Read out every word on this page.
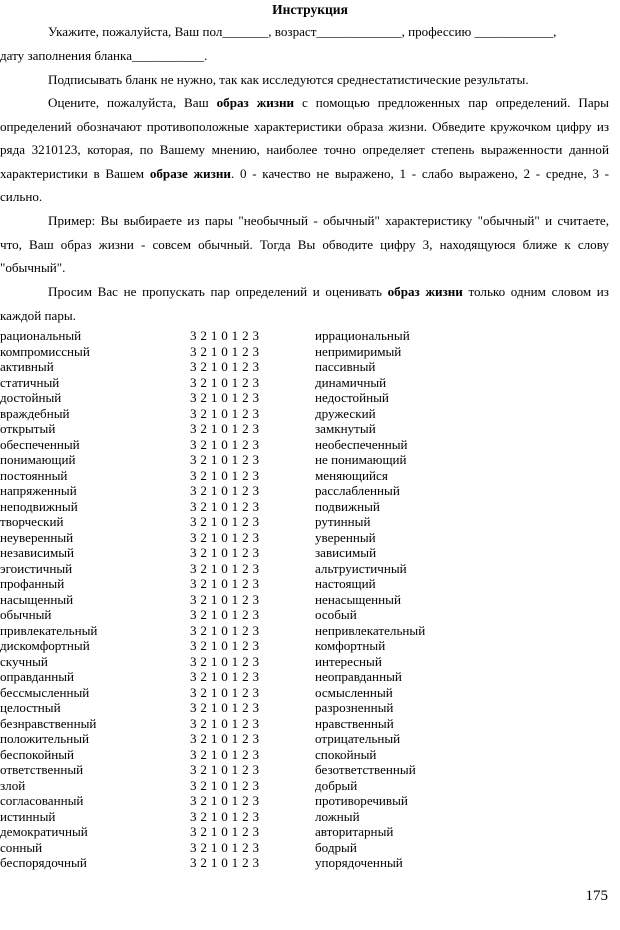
Инструкция

Укажите, пожалуйста, Ваш пол_______, возраст_____________, профессию ____________,

дату заполнения бланка___________.

Подписывать бланк не нужно, так как исследуются среднестатистические результаты.

Оцените, пожалуйста, Ваш образ жизни с помощью предложенных пар определений. Пары определений обозначают противоположные характеристики образа жизни. Обведите кружочком цифру из ряда 3210123, которая, по Вашему мнению, наиболее точно определяет степень выраженности данной характеристики в Вашем образе жизни. 0 - качество не выражено, 1 - слабо выражено, 2 - средне, 3 - сильно.

Пример: Вы выбираете из пары "необычный - обычный" характеристику "обычный" и считаете, что, Ваш образ жизни - совсем обычный. Тогда Вы обводите цифру 3, находящуюся ближе к слову "обычный".

Просим Вас не пропускать пар определений и оценивать образ жизни только одним словом из каждой пары.

рациональный	3 2 1 0 1 2 3	иррациональный
компромиссный	3 2 1 0 1 2 3	непримиримый
активный	3 2 1 0 1 2 3	пассивный
статичный	3 2 1 0 1 2 3	динамичный
достойный	3 2 1 0 1 2 3	недостойный
враждебный	3 2 1 0 1 2 3	дружеский
открытый	3 2 1 0 1 2 3	замкнутый
обеспеченный	3 2 1 0 1 2 3	необеспеченный
понимающий	3 2 1 0 1 2 3	не понимающий
постоянный	3 2 1 0 1 2 3	меняющийся
напряженный	3 2 1 0 1 2 3	расслабленный
неподвижный	3 2 1 0 1 2 3	подвижный
творческий	3 2 1 0 1 2 3	рутинный
неуверенный	3 2 1 0 1 2 3	уверенный
независимый	3 2 1 0 1 2 3	зависимый
эгоистичный	3 2 1 0 1 2 3	альтруистичный
профанный	3 2 1 0 1 2 3	настоящий
насыщенный	3 2 1 0 1 2 3	ненасыщенный
обычный	3 2 1 0 1 2 3	особый
привлекательный	3 2 1 0 1 2 3	непривлекательный
дискомфортный	3 2 1 0 1 2 3	комфортный
скучный	3 2 1 0 1 2 3	интересный
оправданный	3 2 1 0 1 2 3	неоправданный
бессмысленный	3 2 1 0 1 2 3	осмысленный
целостный	3 2 1 0 1 2 3	разрозненный
безнравственный	3 2 1 0 1 2 3	нравственный
положительный	3 2 1 0 1 2 3	отрицательный
беспокойный	3 2 1 0 1 2 3	спокойный
ответственный	3 2 1 0 1 2 3	безответственный
злой	3 2 1 0 1 2 3	добрый
согласованный	3 2 1 0 1 2 3	противоречивый
истинный	3 2 1 0 1 2 3	ложный
демократичный	3 2 1 0 1 2 3	авторитарный
сонный	3 2 1 0 1 2 3	бодрый
беспорядочный	3 2 1 0 1 2 3	упорядоченный
175
